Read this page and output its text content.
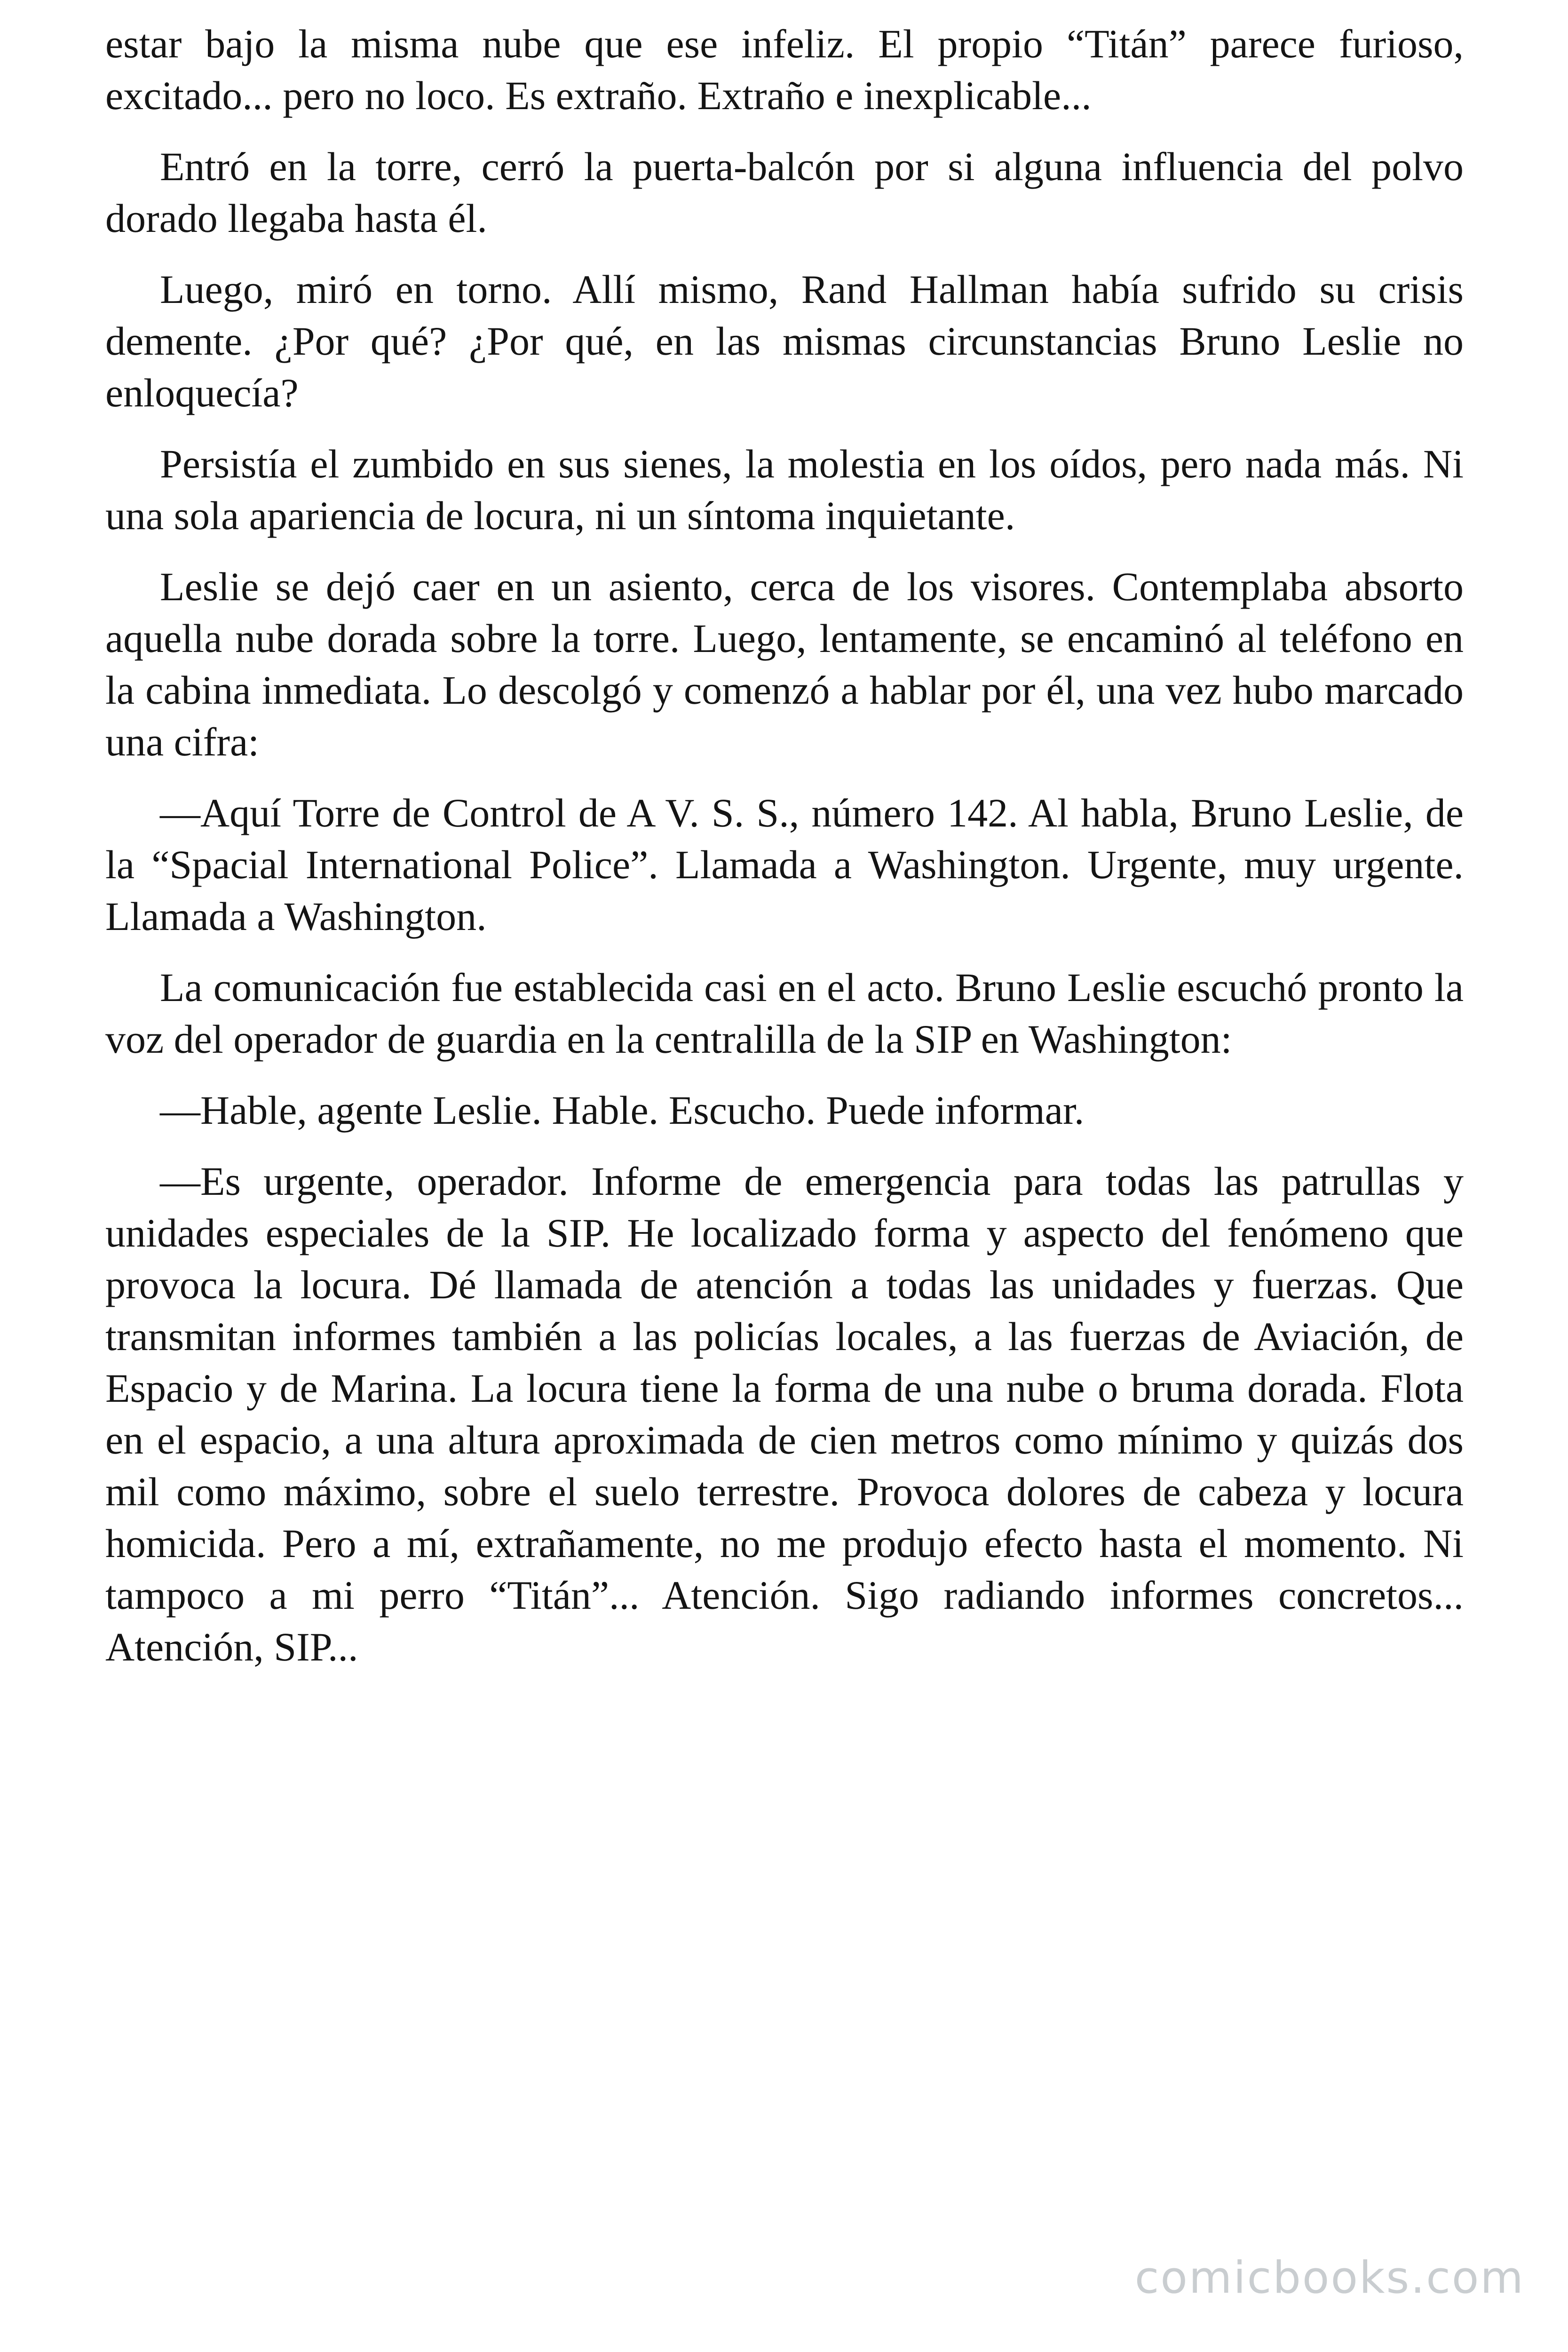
estar bajo la misma nube que ese infeliz. El propio “Titán” parece furioso, excitado... pero no loco. Es extraño. Extraño e inexplicable...

Entró en la torre, cerró la puerta-balcón por si alguna influencia del polvo dorado llegaba hasta él.

Luego, miró en torno. Allí mismo, Rand Hallman había sufrido su crisis demente. ¿Por qué? ¿Por qué, en las mismas circunstancias Bruno Leslie no enloquecía?

Persistía el zumbido en sus sienes, la molestia en los oídos, pero nada más. Ni una sola apariencia de locura, ni un síntoma inquietante.

Leslie se dejó caer en un asiento, cerca de los visores. Contemplaba absorto aquella nube dorada sobre la torre. Luego, lentamente, se encaminó al teléfono en la cabina inmediata. Lo descolgó y comenzó a hablar por él, una vez hubo marcado una cifra:

—Aquí Torre de Control de A V. S. S., número 142. Al habla, Bruno Leslie, de la “Spacial International Police”. Llamada a Washington. Urgente, muy urgente. Llamada a Washington.

La comunicación fue establecida casi en el acto. Bruno Leslie escuchó pronto la voz del operador de guardia en la centralilla de la SIP en Washington:

—Hable, agente Leslie. Hable. Escucho. Puede informar.

—Es urgente, operador. Informe de emergencia para todas las patrullas y unidades especiales de la SIP. He localizado forma y aspecto del fenómeno que provoca la locura. Dé llamada de atención a todas las unidades y fuerzas. Que transmitan informes también a las policías locales, a las fuerzas de Aviación, de Espacio y de Marina. La locura tiene la forma de una nube o bruma dorada. Flota en el espacio, a una altura aproximada de cien metros como mínimo y quizás dos mil como máximo, sobre el suelo terrestre. Provoca dolores de cabeza y locura homicida. Pero a mí, extrañamente, no me produjo efecto hasta el momento. Ni tampoco a mi perro “Titán”... Atención. Sigo radiando informes concretos... Atención, SIP...

comicbooks.com
